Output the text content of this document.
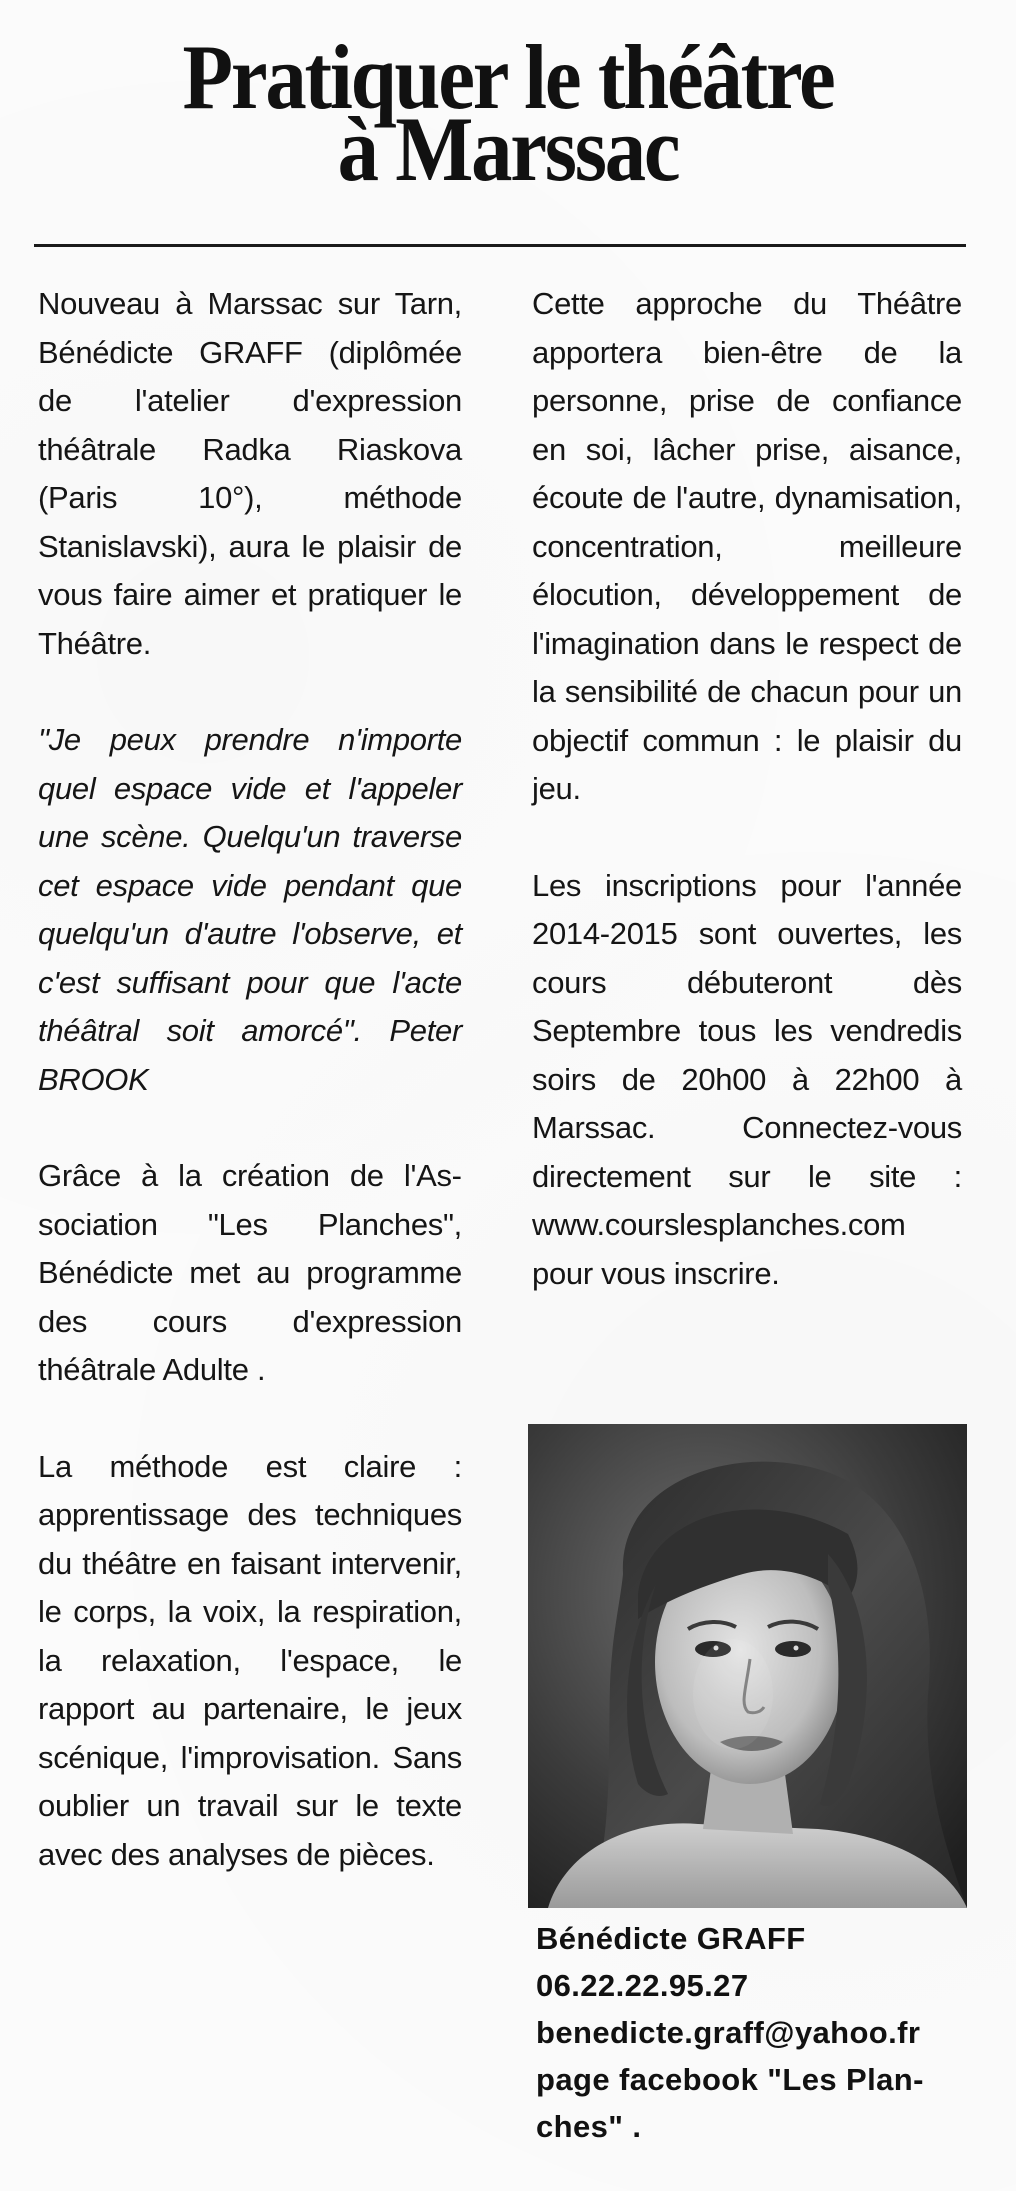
Pratiquer le théâtre
à Marssac

Nouveau à Marssac sur Tarn, Bénédicte GRAFF (diplômée de l'atelier d'expression théâtrale Radka Riaskova (Paris 10°), méthode Stanislavski), aura le plaisir de vous faire aimer et pratiquer le Théâtre.

"Je peux prendre n'importe quel espace vide et l'appeler une scène. Quelqu'un traverse cet espace vide pendant que quelqu'un d'autre l'observe, et c'est suffisant pour que l'acte théâtral soit amorcé". Peter BROOK

Grâce à la création de l'Association "Les Planches", Bénédicte met au programme des cours d'expression théâtrale Adulte .

La méthode est claire : apprentissage des techniques du théâtre en faisant intervenir, le corps, la voix, la respiration, la relaxation, l'espace, le rapport au partenaire, le jeux scénique, l'improvisation. Sans oublier un travail sur le texte avec des analyses de pièces.

Cette approche du Théâtre apportera bien-être de la personne, prise de confiance en soi, lâcher prise, aisance, écoute de l'autre, dynamisation, concentration, meilleure élocution, développement de l'imagination dans le respect de la sensibilité de chacun pour un objectif commun : le plaisir du jeu.

Les inscriptions pour l'année 2014-2015 sont ouvertes, les cours débuteront dès Septembre tous les vendredis soirs de 20h00 à 22h00 à Marssac. Connectez-vous directement sur le site : www.courslesplanches.com pour vous inscrire.

Bénédicte GRAFF
06.22.22.95.27
benedicte.graff@yahoo.fr
page facebook "Les Plan-
ches" .
